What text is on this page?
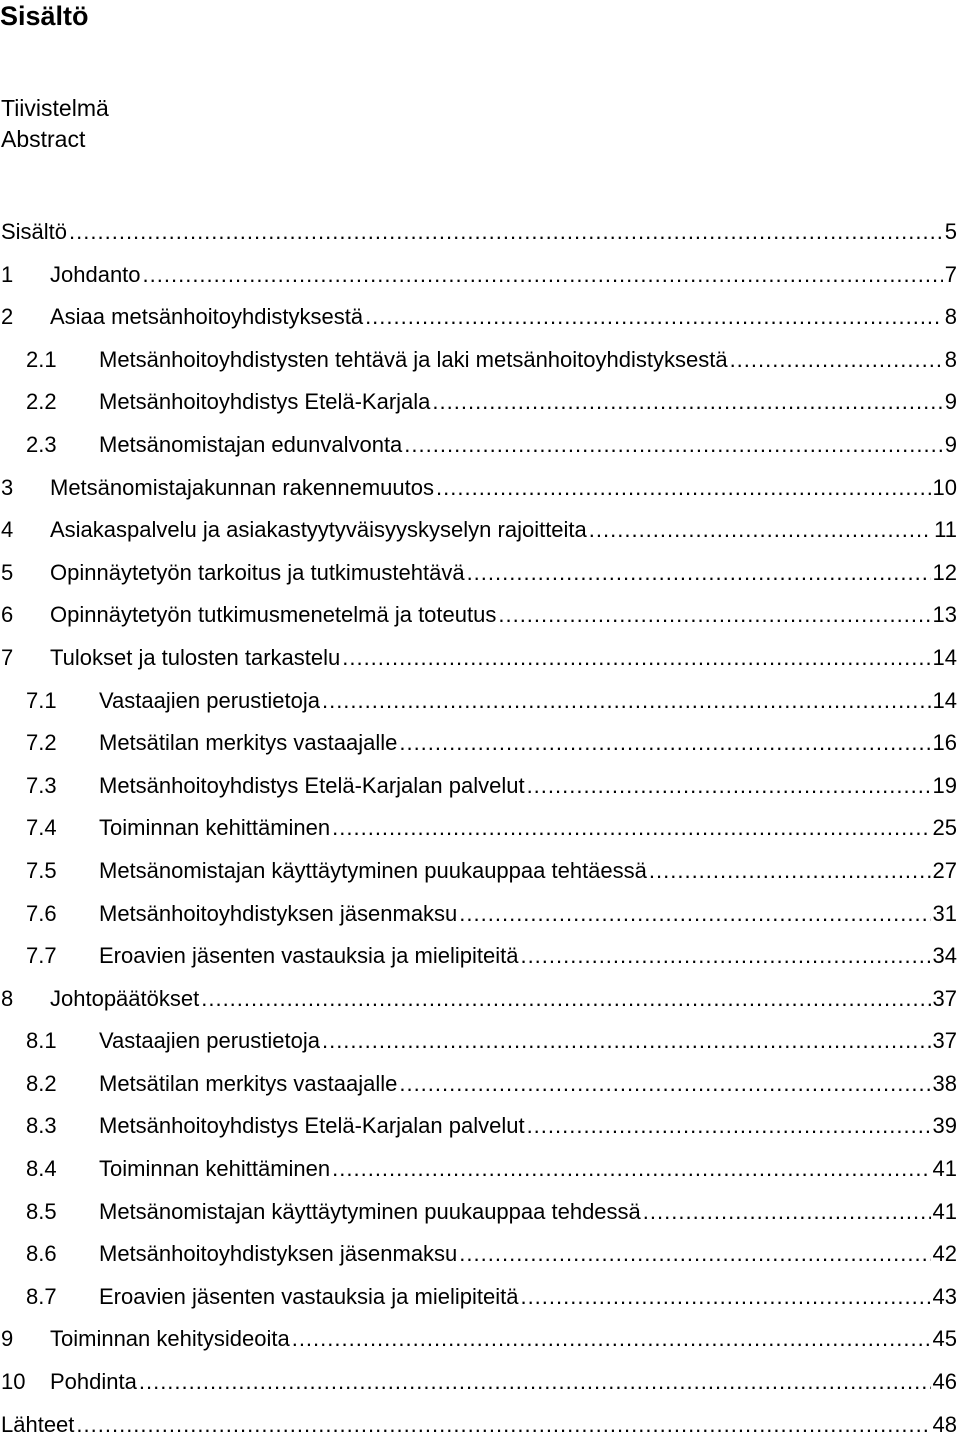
Sisältö
Tiivistelmä
Abstract
Sisältö .....	5
1 Johdanto .....	7
2 Asiaa metsänhoitoyhdistyksestä .....	8
2.1 Metsänhoitoyhdistysten tehtävä ja laki metsänhoitoyhdistyksestä .....	8
2.2 Metsänhoitoyhdistys Etelä-Karjala .....	9
2.3 Metsänomistajan edunvalvonta .....	9
3 Metsänomistajakunnan rakennemuutos .....	10
4 Asiakaspalvelu ja asiakastyytyväisyyskyselyn rajoitteita .....	11
5 Opinnäytetyön tarkoitus ja tutkimustehtävä .....	12
6 Opinnäytetyön tutkimusmenetelmä ja toteutus .....	13
7 Tulokset ja tulosten tarkastelu .....	14
7.1 Vastaajien perustietoja .....	14
7.2 Metsätilan merkitys vastaajalle .....	16
7.3 Metsänhoitoyhdistys Etelä-Karjalan palvelut .....	19
7.4 Toiminnan kehittäminen .....	25
7.5 Metsänomistajan käyttäytyminen puukauppaa tehtäessä .....	27
7.6 Metsänhoitoyhdistyksen jäsenmaksu .....	31
7.7 Eroavien jäsenten vastauksia ja mielipiteitä .....	34
8 Johtopäätökset .....	37
8.1 Vastaajien perustietoja .....	37
8.2 Metsätilan merkitys vastaajalle .....	38
8.3 Metsänhoitoyhdistys Etelä-Karjalan palvelut .....	39
8.4 Toiminnan kehittäminen .....	41
8.5 Metsänomistajan käyttäytyminen puukauppaa tehdessä .....	41
8.6 Metsänhoitoyhdistyksen jäsenmaksu .....	42
8.7 Eroavien jäsenten vastauksia ja mielipiteitä .....	43
9 Toiminnan kehitysideoita .....	45
10 Pohdinta .....	46
Lähteet .....	48
